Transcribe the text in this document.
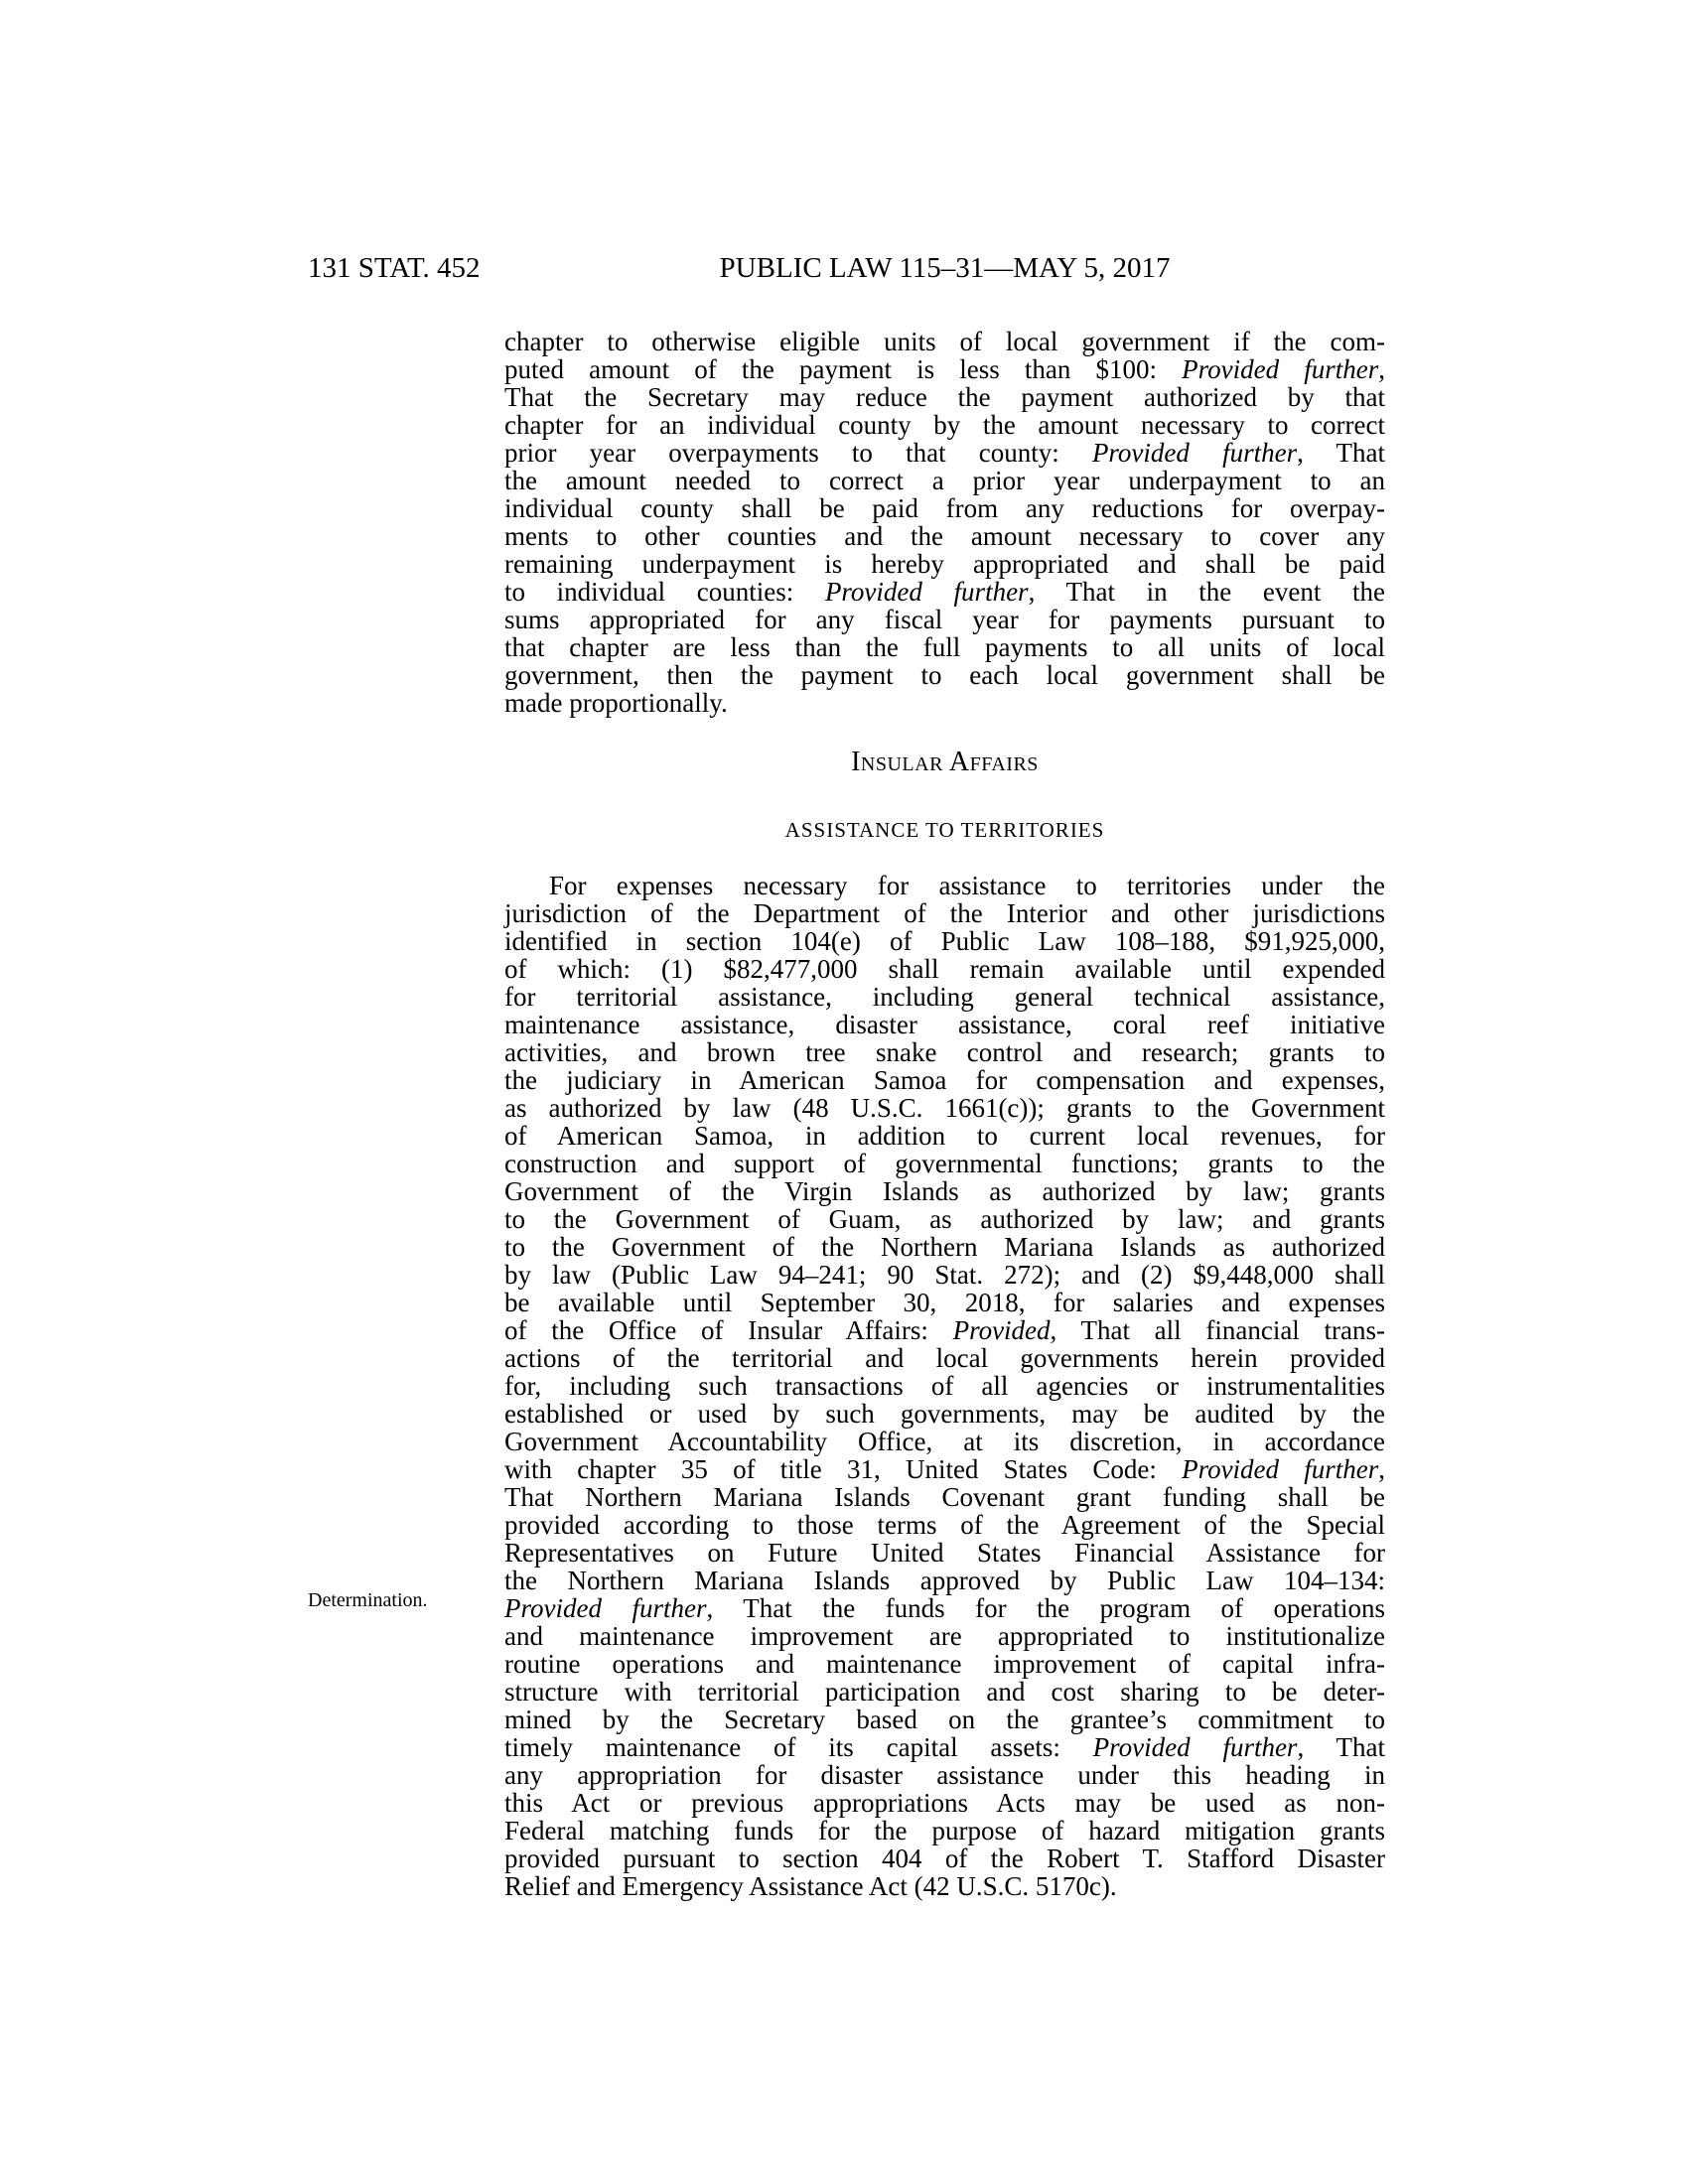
131 STAT. 452	PUBLIC LAW 115–31—MAY 5, 2017
Determination.
chapter to otherwise eligible units of local government if the com-
puted amount of the payment is less than $100: Provided further,
That the Secretary may reduce the payment authorized by that
chapter for an individual county by the amount necessary to correct
prior year overpayments to that county: Provided further, That
the amount needed to correct a prior year underpayment to an
individual county shall be paid from any reductions for overpay-
ments to other counties and the amount necessary to cover any
remaining underpayment is hereby appropriated and shall be paid
to individual counties: Provided further, That in the event the
sums appropriated for any fiscal year for payments pursuant to
that chapter are less than the full payments to all units of local
government, then the payment to each local government shall be
made proportionally.
Insular Affairs
ASSISTANCE TO TERRITORIES
For expenses necessary for assistance to territories under the
jurisdiction of the Department of the Interior and other jurisdictions
identified in section 104(e) of Public Law 108–188, $91,925,000,
of which: (1) $82,477,000 shall remain available until expended
for territorial assistance, including general technical assistance,
maintenance assistance, disaster assistance, coral reef initiative
activities, and brown tree snake control and research; grants to
the judiciary in American Samoa for compensation and expenses,
as authorized by law (48 U.S.C. 1661(c)); grants to the Government
of American Samoa, in addition to current local revenues, for
construction and support of governmental functions; grants to the
Government of the Virgin Islands as authorized by law; grants
to the Government of Guam, as authorized by law; and grants
to the Government of the Northern Mariana Islands as authorized
by law (Public Law 94–241; 90 Stat. 272); and (2) $9,448,000 shall
be available until September 30, 2018, for salaries and expenses
of the Office of Insular Affairs: Provided, That all financial trans-
actions of the territorial and local governments herein provided
for, including such transactions of all agencies or instrumentalities
established or used by such governments, may be audited by the
Government Accountability Office, at its discretion, in accordance
with chapter 35 of title 31, United States Code: Provided further,
That Northern Mariana Islands Covenant grant funding shall be
provided according to those terms of the Agreement of the Special
Representatives on Future United States Financial Assistance for
the Northern Mariana Islands approved by Public Law 104–134:
Provided further, That the funds for the program of operations
and maintenance improvement are appropriated to institutionalize
routine operations and maintenance improvement of capital infra-
structure with territorial participation and cost sharing to be deter-
mined by the Secretary based on the grantee’s commitment to
timely maintenance of its capital assets: Provided further, That
any appropriation for disaster assistance under this heading in
this Act or previous appropriations Acts may be used as non-
Federal matching funds for the purpose of hazard mitigation grants
provided pursuant to section 404 of the Robert T. Stafford Disaster
Relief and Emergency Assistance Act (42 U.S.C. 5170c).
